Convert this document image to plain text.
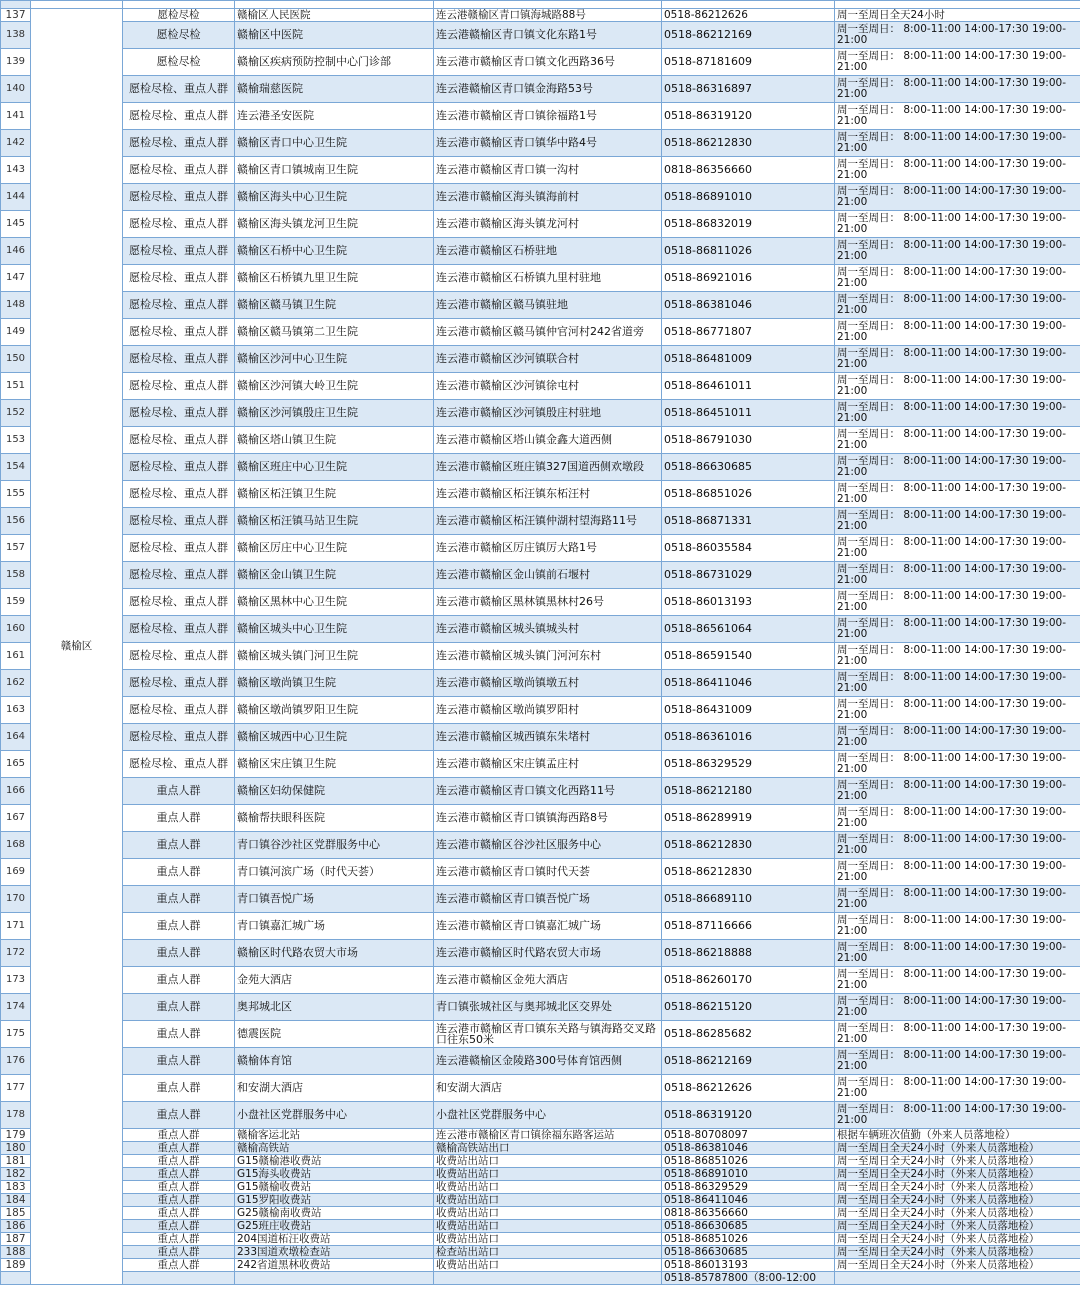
137	赣榆区	愿检尽检	赣榆区人民医院	连云港赣榆区青口镇海城路88号	0518-86212626	周一至周日全天24小时
138		愿检尽检	赣榆区中医院	连云港赣榆区青口镇文化东路1号	0518-86212169	周一至周日： 8:00-11:00 14:00-17:30 19:00-21:00
139		愿检尽检	赣榆区疾病预防控制中心门诊部	连云港市赣榆区青口镇文化西路36号	0518-87181609	周一至周日： 8:00-11:00 14:00-17:30 19:00-21:00
140		愿检尽检、重点人群	赣榆瑞慈医院	连云港赣榆区青口镇金海路53号	0518-86316897	周一至周日： 8:00-11:00 14:00-17:30 19:00-21:00
141		愿检尽检、重点人群	连云港圣安医院	连云港市赣榆区青口镇徐福路1号	0518-86319120	周一至周日： 8:00-11:00 14:00-17:30 19:00-21:00
142		愿检尽检、重点人群	赣榆区青口中心卫生院	连云港市赣榆区青口镇华中路4号	0518-86212830	周一至周日： 8:00-11:00 14:00-17:30 19:00-21:00
143		愿检尽检、重点人群	赣榆区青口镇城南卫生院	连云港市赣榆区青口镇一沟村	0818-86356660	周一至周日： 8:00-11:00 14:00-17:30 19:00-21:00
144		愿检尽检、重点人群	赣榆区海头中心卫生院	连云港市赣榆区海头镇海前村	0518-86891010	周一至周日： 8:00-11:00 14:00-17:30 19:00-21:00
145		愿检尽检、重点人群	赣榆区海头镇龙河卫生院	连云港市赣榆区海头镇龙河村	0518-86832019	周一至周日： 8:00-11:00 14:00-17:30 19:00-21:00
146		愿检尽检、重点人群	赣榆区石桥中心卫生院	连云港市赣榆区石桥驻地	0518-86811026	周一至周日： 8:00-11:00 14:00-17:30 19:00-21:00
147		愿检尽检、重点人群	赣榆区石桥镇九里卫生院	连云港市赣榆区石桥镇九里村驻地	0518-86921016	周一至周日： 8:00-11:00 14:00-17:30 19:00-21:00
148		愿检尽检、重点人群	赣榆区赣马镇卫生院	连云港市赣榆区赣马镇驻地	0518-86381046	周一至周日： 8:00-11:00 14:00-17:30 19:00-21:00
149		愿检尽检、重点人群	赣榆区赣马镇第二卫生院	连云港市赣榆区赣马镇仲官河村242省道旁	0518-86771807	周一至周日： 8:00-11:00 14:00-17:30 19:00-21:00
150		愿检尽检、重点人群	赣榆区沙河中心卫生院	连云港市赣榆区沙河镇联合村	0518-86481009	周一至周日： 8:00-11:00 14:00-17:30 19:00-21:00
151		愿检尽检、重点人群	赣榆区沙河镇大岭卫生院	连云港市赣榆区沙河镇徐屯村	0518-86461011	周一至周日： 8:00-11:00 14:00-17:30 19:00-21:00
152		愿检尽检、重点人群	赣榆区沙河镇殷庄卫生院	连云港市赣榆区沙河镇殷庄村驻地	0518-86451011	周一至周日： 8:00-11:00 14:00-17:30 19:00-21:00
153		愿检尽检、重点人群	赣榆区塔山镇卫生院	连云港市赣榆区塔山镇金鑫大道西侧	0518-86791030	周一至周日： 8:00-11:00 14:00-17:30 19:00-21:00
154		愿检尽检、重点人群	赣榆区班庄中心卫生院	连云港市赣榆区班庄镇327国道西侧欢墩段	0518-86630685	周一至周日： 8:00-11:00 14:00-17:30 19:00-21:00
155		愿检尽检、重点人群	赣榆区柘汪镇卫生院	连云港市赣榆区柘汪镇东柘汪村	0518-86851026	周一至周日： 8:00-11:00 14:00-17:30 19:00-21:00
156		愿检尽检、重点人群	赣榆区柘汪镇马站卫生院	连云港市赣榆区柘汪镇仲湖村望海路11号	0518-86871331	周一至周日： 8:00-11:00 14:00-17:30 19:00-21:00
157		愿检尽检、重点人群	赣榆区厉庄中心卫生院	连云港市赣榆区厉庄镇厉大路1号	0518-86035584	周一至周日： 8:00-11:00 14:00-17:30 19:00-21:00
158		愿检尽检、重点人群	赣榆区金山镇卫生院	连云港市赣榆区金山镇前石堰村	0518-86731029	周一至周日： 8:00-11:00 14:00-17:30 19:00-21:00
159		愿检尽检、重点人群	赣榆区黑林中心卫生院	连云港市赣榆区黑林镇黑林村26号	0518-86013193	周一至周日： 8:00-11:00 14:00-17:30 19:00-21:00
160		愿检尽检、重点人群	赣榆区城头中心卫生院	连云港市赣榆区城头镇城头村	0518-86561064	周一至周日： 8:00-11:00 14:00-17:30 19:00-21:00
161		愿检尽检、重点人群	赣榆区城头镇门河卫生院	连云港市赣榆区城头镇门河河东村	0518-86591540	周一至周日： 8:00-11:00 14:00-17:30 19:00-21:00
162		愿检尽检、重点人群	赣榆区墩尚镇卫生院	连云港市赣榆区墩尚镇墩五村	0518-86411046	周一至周日： 8:00-11:00 14:00-17:30 19:00-21:00
163		愿检尽检、重点人群	赣榆区墩尚镇罗阳卫生院	连云港市赣榆区墩尚镇罗阳村	0518-86431009	周一至周日： 8:00-11:00 14:00-17:30 19:00-21:00
164		愿检尽检、重点人群	赣榆区城西中心卫生院	连云港市赣榆区城西镇东朱堵村	0518-86361016	周一至周日： 8:00-11:00 14:00-17:30 19:00-21:00
165		愿检尽检、重点人群	赣榆区宋庄镇卫生院	连云港市赣榆区宋庄镇孟庄村	0518-86329529	周一至周日： 8:00-11:00 14:00-17:30 19:00-21:00
166		重点人群	赣榆区妇幼保健院	连云港市赣榆区青口镇文化西路11号	0518-86212180	周一至周日： 8:00-11:00 14:00-17:30 19:00-21:00
167		重点人群	赣榆帮扶眼科医院	连云港市赣榆区青口镇镇海西路8号	0518-86289919	周一至周日： 8:00-11:00 14:00-17:30 19:00-21:00
168		重点人群	青口镇谷沙社区党群服务中心	连云港市赣榆区谷沙社区服务中心	0518-86212830	周一至周日： 8:00-11:00 14:00-17:30 19:00-21:00
169		重点人群	青口镇河滨广场（时代天荟）	连云港市赣榆区青口镇时代天荟	0518-86212830	周一至周日： 8:00-11:00 14:00-17:30 19:00-21:00
170		重点人群	青口镇吾悦广场	连云港市赣榆区青口镇吾悦广场	0518-86689110	周一至周日： 8:00-11:00 14:00-17:30 19:00-21:00
171		重点人群	青口镇嘉汇城广场	连云港市赣榆区青口镇嘉汇城广场	0518-87116666	周一至周日： 8:00-11:00 14:00-17:30 19:00-21:00
172		重点人群	赣榆区时代路农贸大市场	连云港市赣榆区时代路农贸大市场	0518-86218888	周一至周日： 8:00-11:00 14:00-17:30 19:00-21:00
173		重点人群	金苑大酒店	连云港市赣榆区金苑大酒店	0518-86260170	周一至周日： 8:00-11:00 14:00-17:30 19:00-21:00
174		重点人群	奥邦城北区	青口镇张城社区与奥邦城北区交界处	0518-86215120	周一至周日： 8:00-11:00 14:00-17:30 19:00-21:00
175		重点人群	德震医院	连云港市赣榆区青口镇东关路与镇海路交叉路口往东50米	0518-86285682	周一至周日： 8:00-11:00 14:00-17:30 19:00-21:00
176		重点人群	赣榆体育馆	连云港赣榆区金陵路300号体育馆西侧	0518-86212169	周一至周日： 8:00-11:00 14:00-17:30 19:00-21:00
177		重点人群	和安湖大酒店	和安湖大酒店	0518-86212626	周一至周日： 8:00-11:00 14:00-17:30 19:00-21:00
178		重点人群	小盘社区党群服务中心	小盘社区党群服务中心	0518-86319120	周一至周日： 8:00-11:00 14:00-17:30 19:00-21:00
179		重点人群	赣榆客运北站	连云港市赣榆区青口镇徐福东路客运站	0518-80708097	根据车辆班次值勤（外来人员落地检）
180		重点人群	赣榆高铁站	赣榆高铁站出口	0518-86381046	周一至周日全天24小时（外来人员落地检）
181		重点人群	G15赣榆港收费站	收费站出站口	0518-86851026	周一至周日全天24小时（外来人员落地检）
182		重点人群	G15海头收费站	收费站出站口	0518-86891010	周一至周日全天24小时（外来人员落地检）
183		重点人群	G15赣榆收费站	收费站出站口	0518-86329529	周一至周日全天24小时（外来人员落地检）
184		重点人群	G15罗阳收费站	收费站出站口	0518-86411046	周一至周日全天24小时（外来人员落地检）
185		重点人群	G25赣榆南收费站	收费站出站口	0818-86356660	周一至周日全天24小时（外来人员落地检）
186		重点人群	G25班庄收费站	收费站出站口	0518-86630685	周一至周日全天24小时（外来人员落地检）
187		重点人群	204国道柘汪收费站	收费站出站口	0518-86851026	周一至周日全天24小时（外来人员落地检）
188		重点人群	233国道欢墩检查站	检查站出站口	0518-86630685	周一至周日全天24小时（外来人员落地检）
189		重点人群	242省道黑林收费站	收费站出站口	0518-86013193	周一至周日全天24小时（外来人员落地检）
					0518-85787800（8:00-12:00	
